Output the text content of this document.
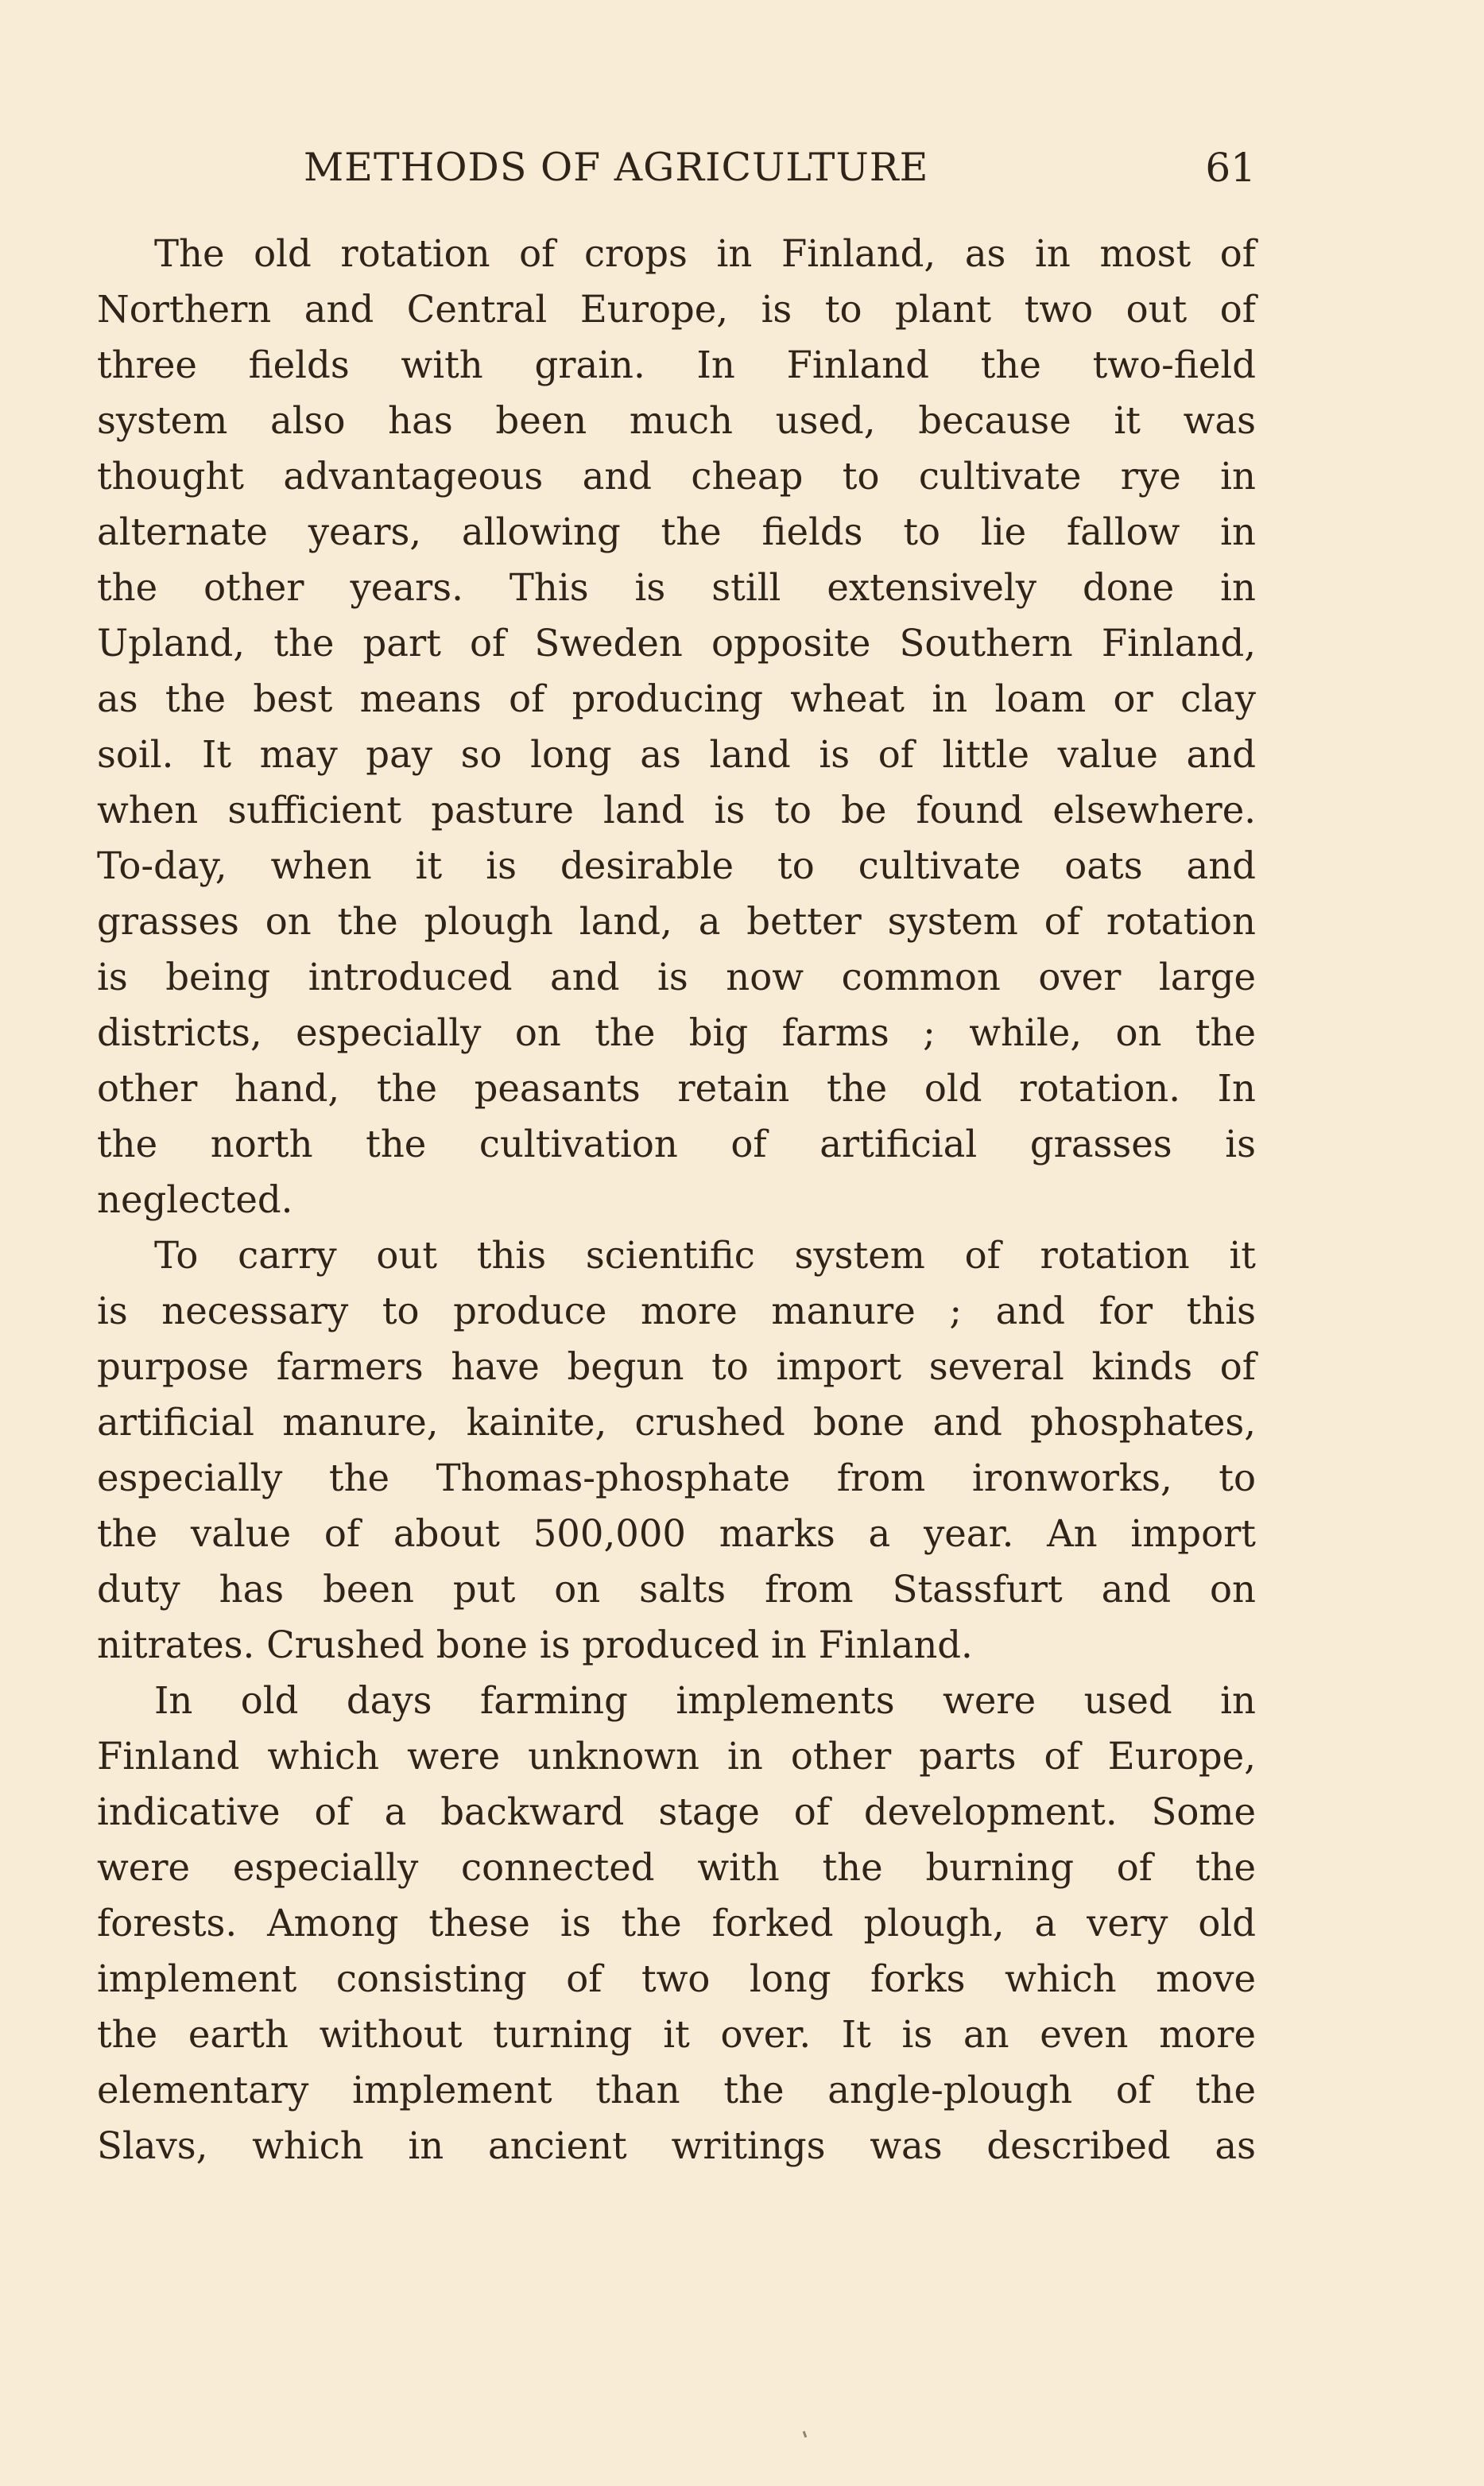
METHODS OF AGRICULTURE	61
The old rotation of crops in Finland, as in most of
Northern and Central Europe, is to plant two out of
three fields with grain. In Finland the two-field
system also has been much used, because it was
thought advantageous and cheap to cultivate rye in
alternate years, allowing the fields to lie fallow in
the other years. This is still extensively done in
Upland, the part of Sweden opposite Southern Finland,
as the best means of producing wheat in loam or clay
soil. It may pay so long as land is of little value and
when sufficient pasture land is to be found elsewhere.
To-day, when it is desirable to cultivate oats and
grasses on the plough land, a better system of rotation
is being introduced and is now common over large
districts, especially on the big farms ; while, on the
other hand, the peasants retain the old rotation. In
the north the cultivation of artificial grasses is
neglected.
To carry out this scientific system of rotation it
is necessary to produce more manure ; and for this
purpose farmers have begun to import several kinds of
artificial manure, kainite, crushed bone and phosphates,
especially the Thomas-phosphate from ironworks, to
the value of about 500,000 marks a year. An import
duty has been put on salts from Stassfurt and on
nitrates. Crushed bone is produced in Finland.
In old days farming implements were used in
Finland which were unknown in other parts of Europe,
indicative of a backward stage of development. Some
were especially connected with the burning of the
forests. Among these is the forked plough, a very old
implement consisting of two long forks which move
the earth without turning it over. It is an even more
elementary implement than the angle-plough of the
Slavs, which in ancient writings was described as
